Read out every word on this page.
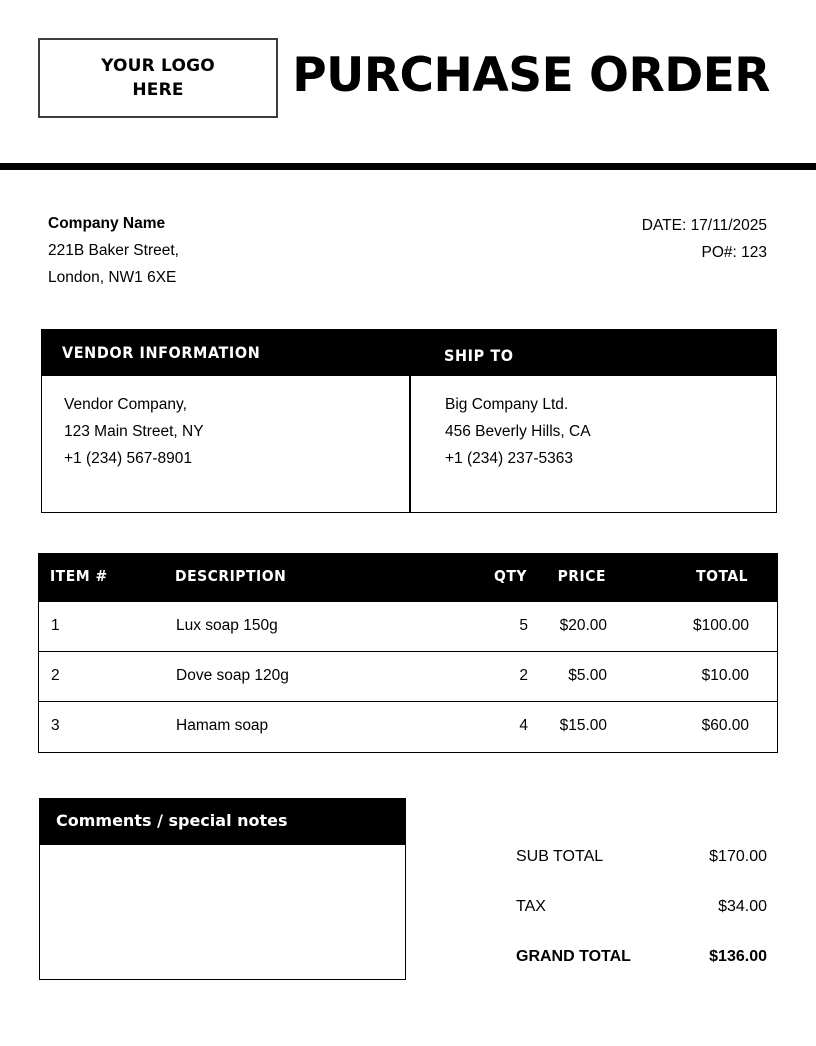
YOUR LOGO
HERE PURCHASE ORDER
Company Name
221B Baker Street,
London, NW1 6XE
DATE: 17/11/2025
PO#: 123
VENDOR INFORMATION	SHIP TO
Vendor Company,
123 Main Street, NY
+1 (234) 567-8901
Big Company Ltd.
456 Beverly Hills, CA
+1 (234) 237-5363
ITEM #	DESCRIPTION	QTY	PRICE	TOTAL
1	Lux soap 150g	5	$20.00	$100.00
2	Dove soap 120g	2	$5.00	$10.00
3	Hamam soap	4	$15.00	$60.00
Comments / special notes
SUB TOTAL	$170.00
TAX	$34.00
GRAND TOTAL	$136.00
